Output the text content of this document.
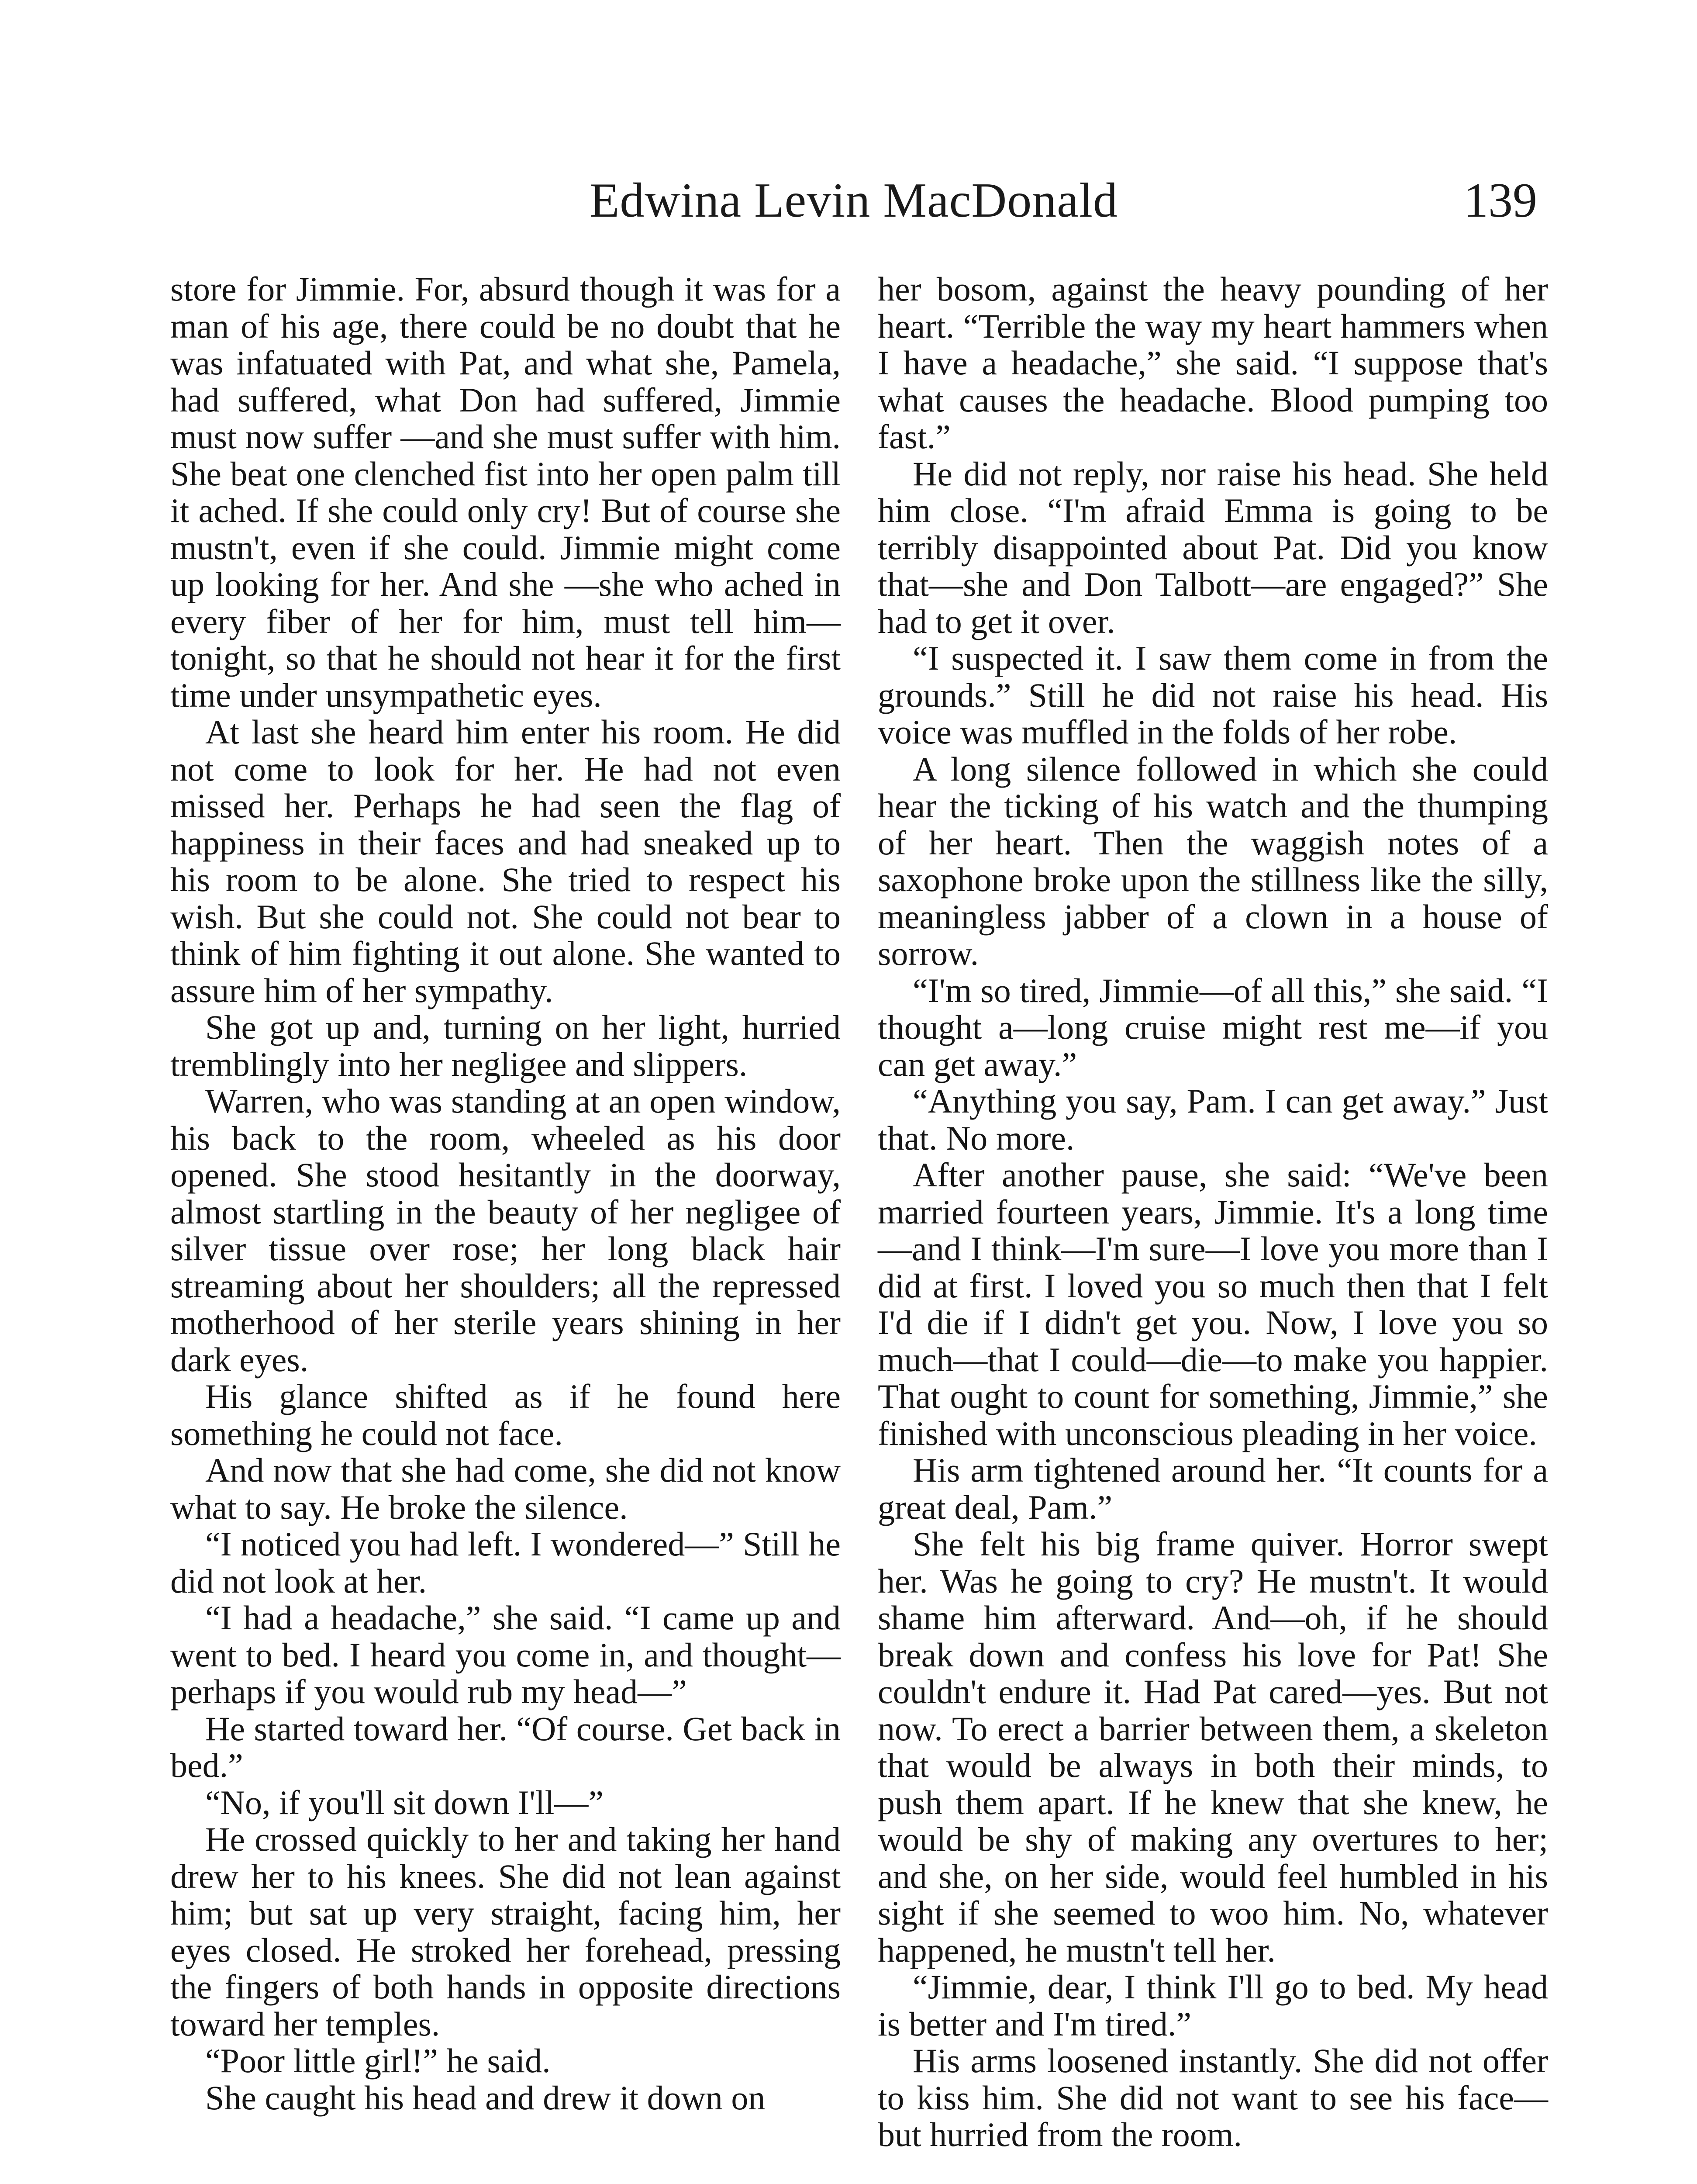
Edwina Levin MacDonald	139

store for Jimmie. For, absurd though it was for a man of his age, there could be no doubt that he was infatuated with Pat, and what she, Pamela, had suffered, what Don had suffered, Jimmie must now suffer —and she must suffer with him. She beat one clenched fist into her open palm till it ached. If she could only cry! But of course she mustn't, even if she could. Jimmie might come up looking for her. And she —she who ached in every fiber of her for him, must tell him—tonight, so that he should not hear it for the first time under unsympathetic eyes.

At last she heard him enter his room. He did not come to look for her. He had not even missed her. Perhaps he had seen the flag of happiness in their faces and had sneaked up to his room to be alone. She tried to respect his wish. But she could not. She could not bear to think of him fighting it out alone. She wanted to assure him of her sympathy.

She got up and, turning on her light, hurried tremblingly into her negligee and slippers.

Warren, who was standing at an open window, his back to the room, wheeled as his door opened. She stood hesitantly in the doorway, almost startling in the beauty of her negligee of silver tissue over rose; her long black hair streaming about her shoulders; all the repressed motherhood of her sterile years shining in her dark eyes.

His glance shifted as if he found here something he could not face.

And now that she had come, she did not know what to say. He broke the silence.

“I noticed you had left. I wondered—” Still he did not look at her.

“I had a headache,” she said. “I came up and went to bed. I heard you come in, and thought—perhaps if you would rub my head—”

He started toward her. “Of course. Get back in bed.”

“No, if you'll sit down I'll—”

He crossed quickly to her and taking her hand drew her to his knees. She did not lean against him; but sat up very straight, facing him, her eyes closed. He stroked her forehead, pressing the fingers of both hands in opposite directions toward her temples.

“Poor little girl!” he said.

She caught his head and drew it down on

her bosom, against the heavy pounding of her heart. “Terrible the way my heart hammers when I have a headache,” she said. “I suppose that's what causes the headache. Blood pumping too fast.”

He did not reply, nor raise his head. She held him close. “I'm afraid Emma is going to be terribly disappointed about Pat. Did you know that—she and Don Talbott—are engaged?” She had to get it over.

“I suspected it. I saw them come in from the grounds.” Still he did not raise his head. His voice was muffled in the folds of her robe.

A long silence followed in which she could hear the ticking of his watch and the thumping of her heart. Then the waggish notes of a saxophone broke upon the stillness like the silly, meaningless jabber of a clown in a house of sorrow.

“I'm so tired, Jimmie—of all this,” she said. “I thought a—long cruise might rest me—if you can get away.”

“Anything you say, Pam. I can get away.” Just that. No more.

After another pause, she said: “We've been married fourteen years, Jimmie. It's a long time—and I think—I'm sure—I love you more than I did at first. I loved you so much then that I felt I'd die if I didn't get you. Now, I love you so much—that I could—die—to make you happier. That ought to count for something, Jimmie,” she finished with unconscious pleading in her voice.

His arm tightened around her. “It counts for a great deal, Pam.”

She felt his big frame quiver. Horror swept her. Was he going to cry? He mustn't. It would shame him afterward. And—oh, if he should break down and confess his love for Pat! She couldn't endure it. Had Pat cared—yes. But not now. To erect a barrier between them, a skeleton that would be always in both their minds, to push them apart. If he knew that she knew, he would be shy of making any overtures to her; and she, on her side, would feel humbled in his sight if she seemed to woo him. No, whatever happened, he mustn't tell her.

“Jimmie, dear, I think I'll go to bed. My head is better and I'm tired.”

His arms loosened instantly. She did not offer to kiss him. She did not want to see his face—but hurried from the room.
